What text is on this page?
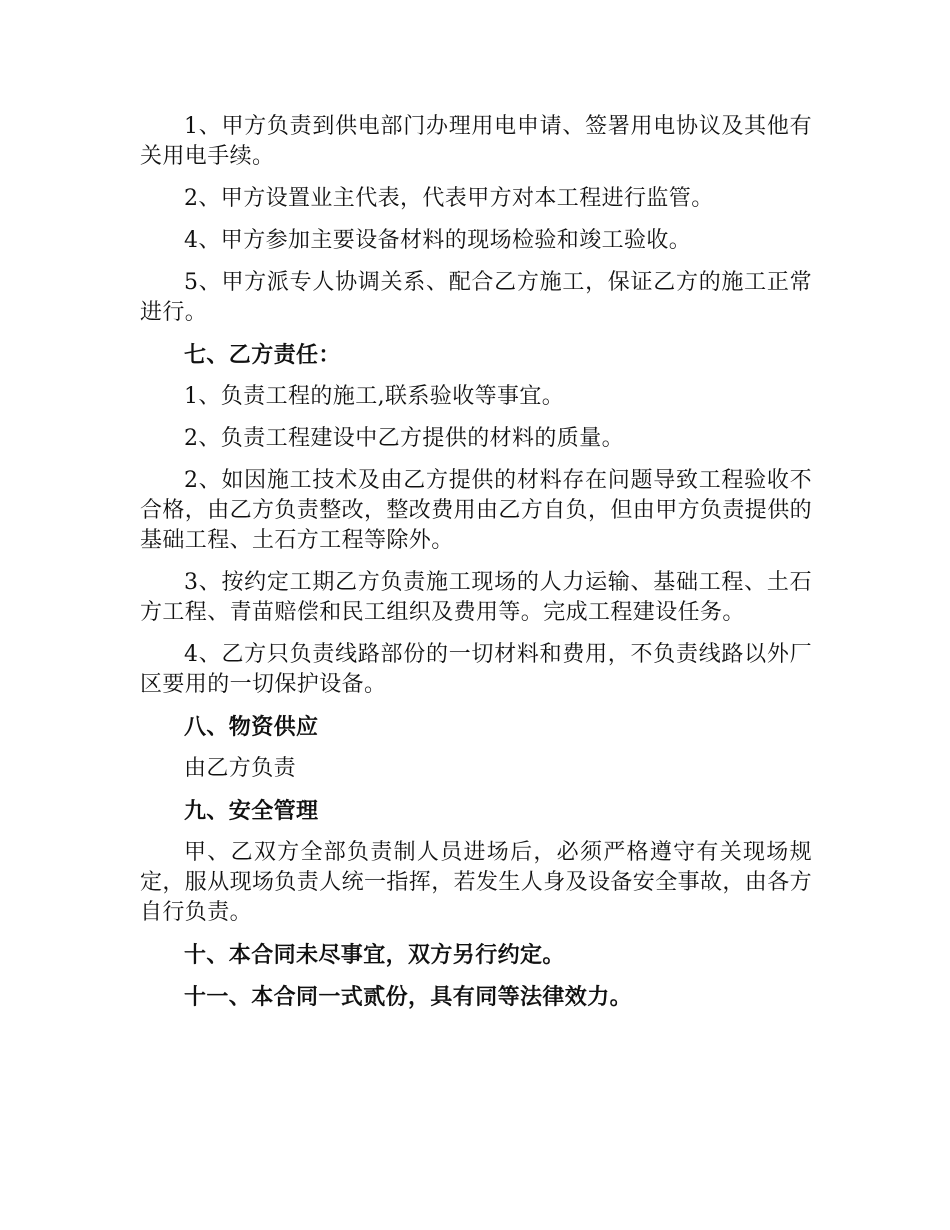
1、甲方负责到供电部门办理用电申请、签署用电协议及其他有关用电手续。

2、甲方设置业主代表，代表甲方对本工程进行监管。

4、甲方参加主要设备材料的现场检验和竣工验收。

5、甲方派专人协调关系、配合乙方施工，保证乙方的施工正常进行。

七、乙方责任：

1、负责工程的施工,联系验收等事宜。

2、负责工程建设中乙方提供的材料的质量。

2、如因施工技术及由乙方提供的材料存在问题导致工程验收不合格，由乙方负责整改，整改费用由乙方自负，但由甲方负责提供的基础工程、土石方工程等除外。

3、按约定工期乙方负责施工现场的人力运输、基础工程、土石方工程、青苗赔偿和民工组织及费用等。完成工程建设任务。

4、乙方只负责线路部份的一切材料和费用，不负责线路以外厂区要用的一切保护设备。

八、物资供应

由乙方负责

九、安全管理

甲、乙双方全部负责制人员进场后，必须严格遵守有关现场规定，服从现场负责人统一指挥，若发生人身及设备安全事故，由各方自行负责。

十、本合同未尽事宜，双方另行约定。

十一、本合同一式贰份，具有同等法律效力。
